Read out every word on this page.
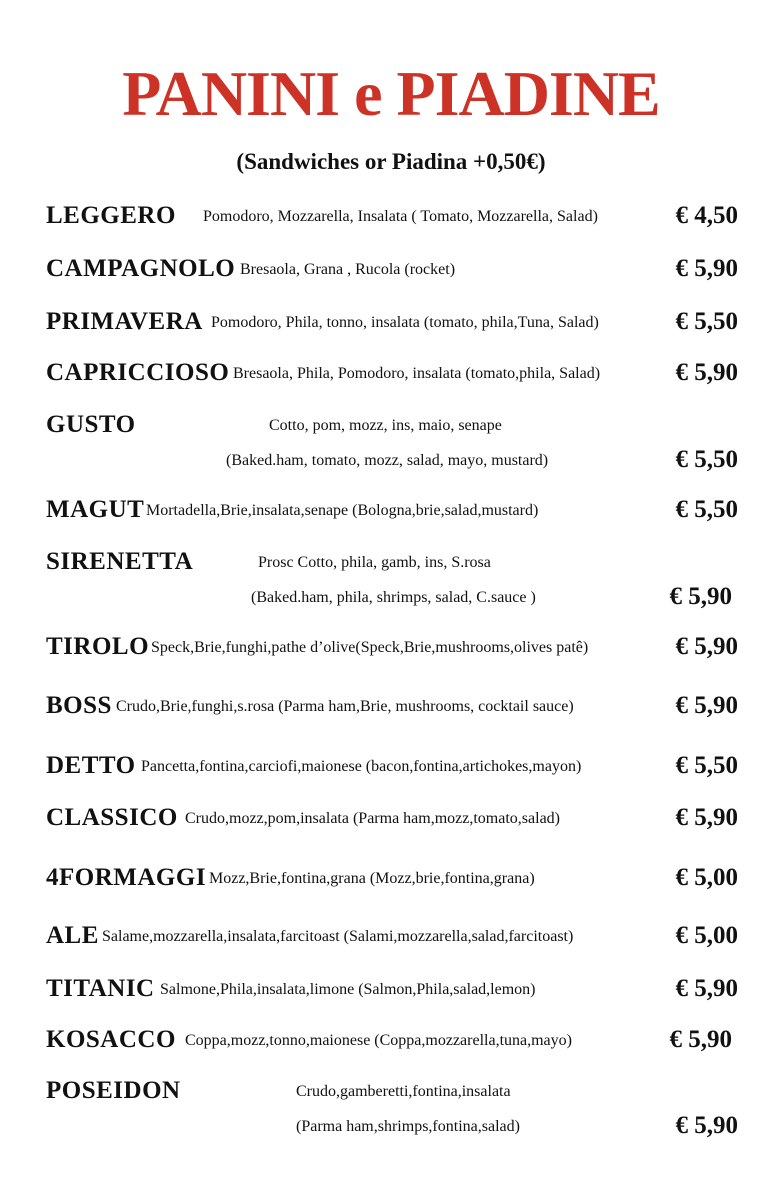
PANINI e PIADINE
(Sandwiches or Piadina +0,50€)
LEGGERO Pomodoro, Mozzarella, Insalata ( Tomato, Mozzarella, Salad)	€ 4,50
CAMPAGNOLO Bresaola, Grana , Rucola (rocket)	€ 5,90
PRIMAVERA Pomodoro, Phila, tonno, insalata (tomato, phila,Tuna, Salad)	€ 5,50
CAPRICCIOSO Bresaola, Phila, Pomodoro, insalata (tomato,phila, Salad)	€ 5,90
GUSTO	Cotto, pom, mozz, ins, maio, senape
(Baked.ham, tomato, mozz, salad, mayo, mustard)	€ 5,50
MAGUT Mortadella,Brie,insalata,senape (Bologna,brie,salad,mustard)	€ 5,50
SIRENETTA	Prosc Cotto, phila, gamb, ins, S.rosa
(Baked.ham, phila, shrimps, salad, C.sauce )	€ 5,90
TIROLO Speck,Brie,funghi,pathe d’olive(Speck,Brie,mushrooms,olives patê)	€ 5,90
BOSS Crudo,Brie,funghi,s.rosa (Parma ham,Brie, mushrooms, cocktail sauce)	€ 5,90
DETTO Pancetta,fontina,carciofi,maionese (bacon,fontina,artichokes,mayon)	€ 5,50
CLASSICO Crudo,mozz,pom,insalata (Parma ham,mozz,tomato,salad)	€ 5,90
4FORMAGGI Mozz,Brie,fontina,grana (Mozz,brie,fontina,grana)	€ 5,00
ALE Salame,mozzarella,insalata,farcitoast (Salami,mozzarella,salad,farcitoast)	€ 5,00
TITANIC Salmone,Phila,insalata,limone (Salmon,Phila,salad,lemon)	€ 5,90
KOSACCO Coppa,mozz,tonno,maionese (Coppa,mozzarella,tuna,mayo)	€ 5,90
POSEIDON	Crudo,gamberetti,fontina,insalata
(Parma ham,shrimps,fontina,salad)	€ 5,90
